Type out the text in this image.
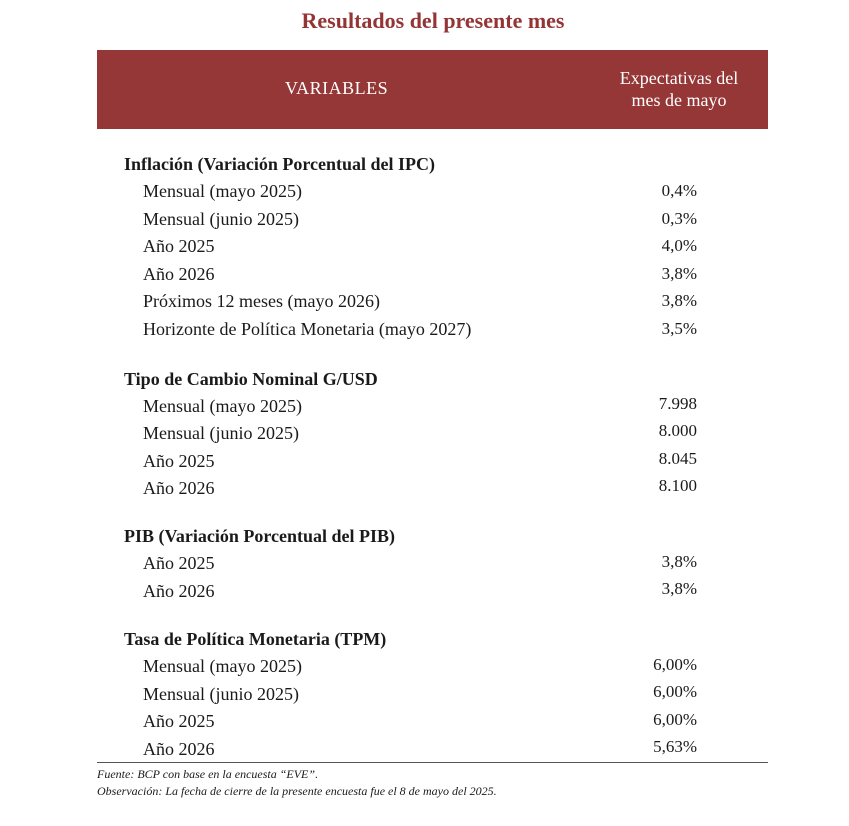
Resultados del presente mes
VARIABLES	Expectativas del
mes de mayo
Inflación (Variación Porcentual del IPC)
Mensual (mayo 2025)	0,4%
Mensual (junio 2025)	0,3%
Año 2025	4,0%
Año 2026	3,8%
Próximos 12 meses (mayo 2026)	3,8%
Horizonte de Política Monetaria (mayo 2027)	3,5%
Tipo de Cambio Nominal G/USD
Mensual (mayo 2025)	7.998
Mensual (junio 2025)	8.000
Año 2025	8.045
Año 2026	8.100
PIB (Variación Porcentual del PIB)
Año 2025	3,8%
Año 2026	3,8%
Tasa de Política Monetaria (TPM)
Mensual (mayo 2025)	6,00%
Mensual (junio 2025)	6,00%
Año 2025	6,00%
Año 2026	5,63%
Fuente: BCP con base en la encuesta “EVE”.
Observación: La fecha de cierre de la presente encuesta fue el 8 de mayo del 2025.
